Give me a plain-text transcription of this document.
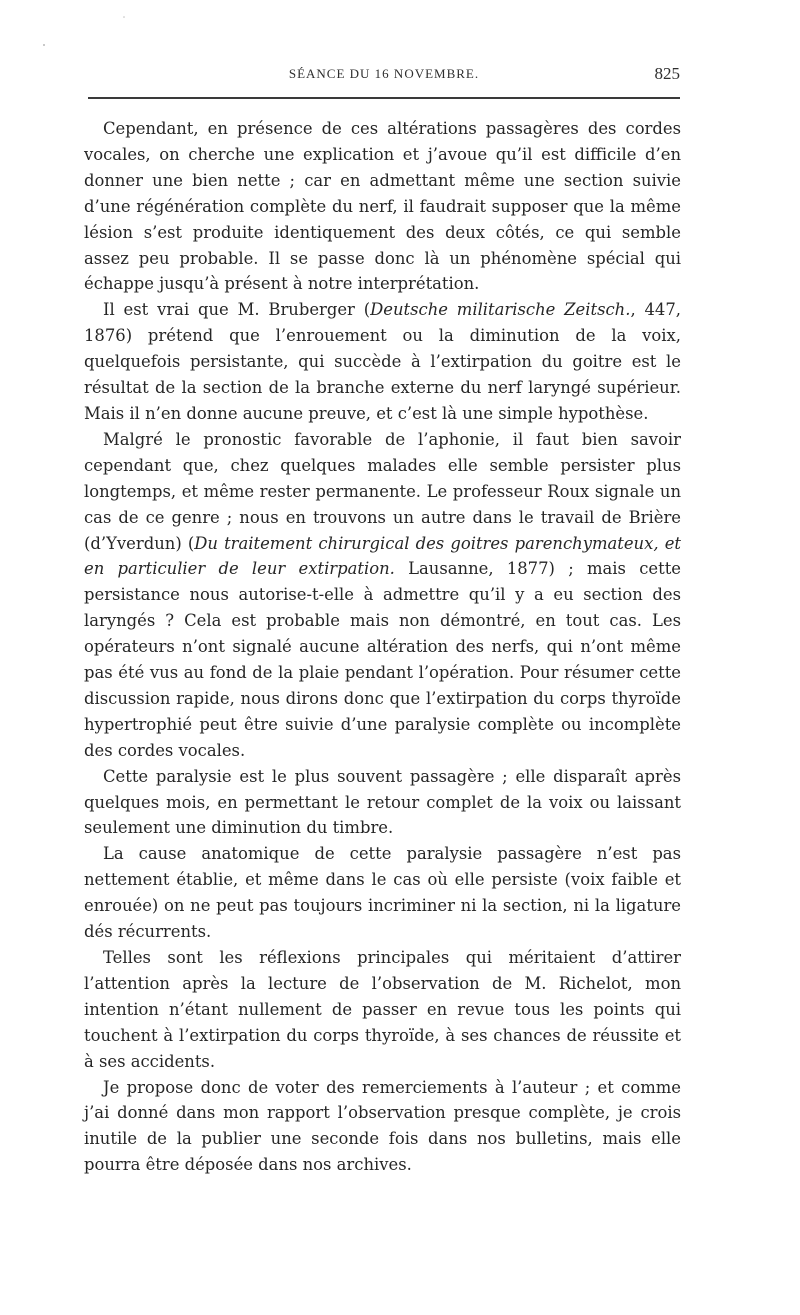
SÉANCE DU 16 NOVEMBRE.	825

Cependant, en présence de ces altérations passagères des cordes vocales, on cherche une explication et j’avoue qu’il est difficile d’en donner une bien nette ; car en admettant même une section suivie d’une régénération complète du nerf, il faudrait supposer que la même lésion s’est produite identiquement des deux côtés, ce qui semble assez peu probable. Il se passe donc là un phénomène spécial qui échappe jusqu’à présent à notre interprétation.

Il est vrai que M. Bruberger (Deutsche militarische Zeitsch., 447, 1876) prétend que l’enrouement ou la diminution de la voix, quelquefois persistante, qui succède à l’extirpation du goitre est le résultat de la section de la branche externe du nerf laryngé supérieur. Mais il n’en donne aucune preuve, et c’est là une simple hypothèse.

Malgré le pronostic favorable de l’aphonie, il faut bien savoir cependant que, chez quelques malades elle semble persister plus longtemps, et même rester permanente. Le professeur Roux signale un cas de ce genre ; nous en trouvons un autre dans le travail de Brière (d’Yverdun) (Du traitement chirurgical des goitres parenchymateux, et en particulier de leur extirpation. Lausanne, 1877) ; mais cette persistance nous autorise-t-elle à admettre qu’il y a eu section des laryngés ? Cela est probable mais non démontré, en tout cas. Les opérateurs n’ont signalé aucune altération des nerfs, qui n’ont même pas été vus au fond de la plaie pendant l’opération. Pour résumer cette discussion rapide, nous dirons donc que l’extirpation du corps thyroïde hypertrophié peut être suivie d’une paralysie complète ou incomplète des cordes vocales.

Cette paralysie est le plus souvent passagère ; elle disparaît après quelques mois, en permettant le retour complet de la voix ou laissant seulement une diminution du timbre.

La cause anatomique de cette paralysie passagère n’est pas nettement établie, et même dans le cas où elle persiste (voix faible et enrouée) on ne peut pas toujours incriminer ni la section, ni la ligature dés récurrents.

Telles sont les réflexions principales qui méritaient d’attirer l’attention après la lecture de l’observation de M. Richelot, mon intention n’étant nullement de passer en revue tous les points qui touchent à l’extirpation du corps thyroïde, à ses chances de réussite et à ses accidents.

Je propose donc de voter des remerciements à l’auteur ; et comme j’ai donné dans mon rapport l’observation presque complète, je crois inutile de la publier une seconde fois dans nos bulletins, mais elle pourra être déposée dans nos archives.
